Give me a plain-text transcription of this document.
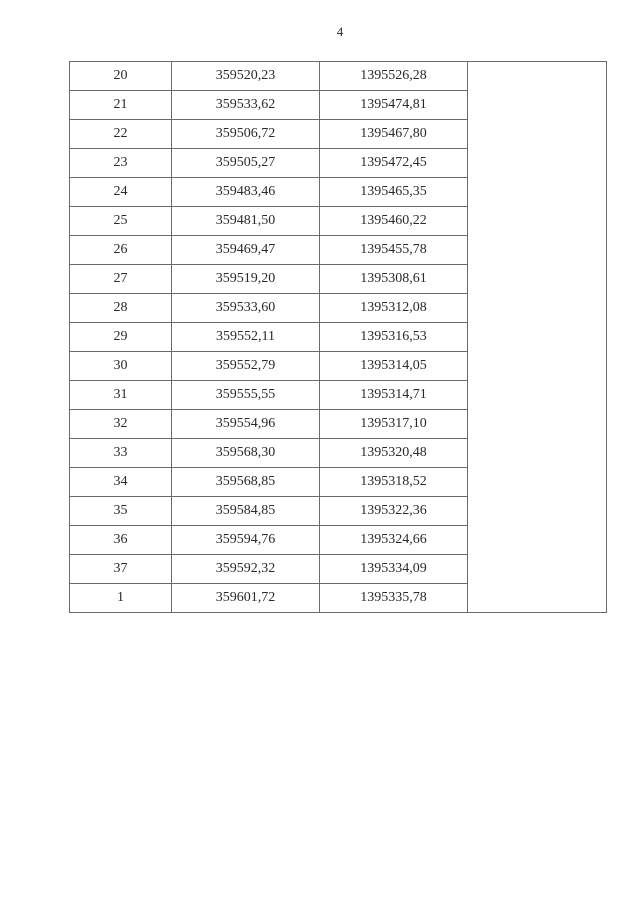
4
20	359520,23	1395526,28	
21	359533,62	1395474,81	
22	359506,72	1395467,80	
23	359505,27	1395472,45	
24	359483,46	1395465,35	
25	359481,50	1395460,22	
26	359469,47	1395455,78	
27	359519,20	1395308,61	
28	359533,60	1395312,08	
29	359552,11	1395316,53	
30	359552,79	1395314,05	
31	359555,55	1395314,71	
32	359554,96	1395317,10	
33	359568,30	1395320,48	
34	359568,85	1395318,52	
35	359584,85	1395322,36	
36	359594,76	1395324,66	
37	359592,32	1395334,09	
1	359601,72	1395335,78	
